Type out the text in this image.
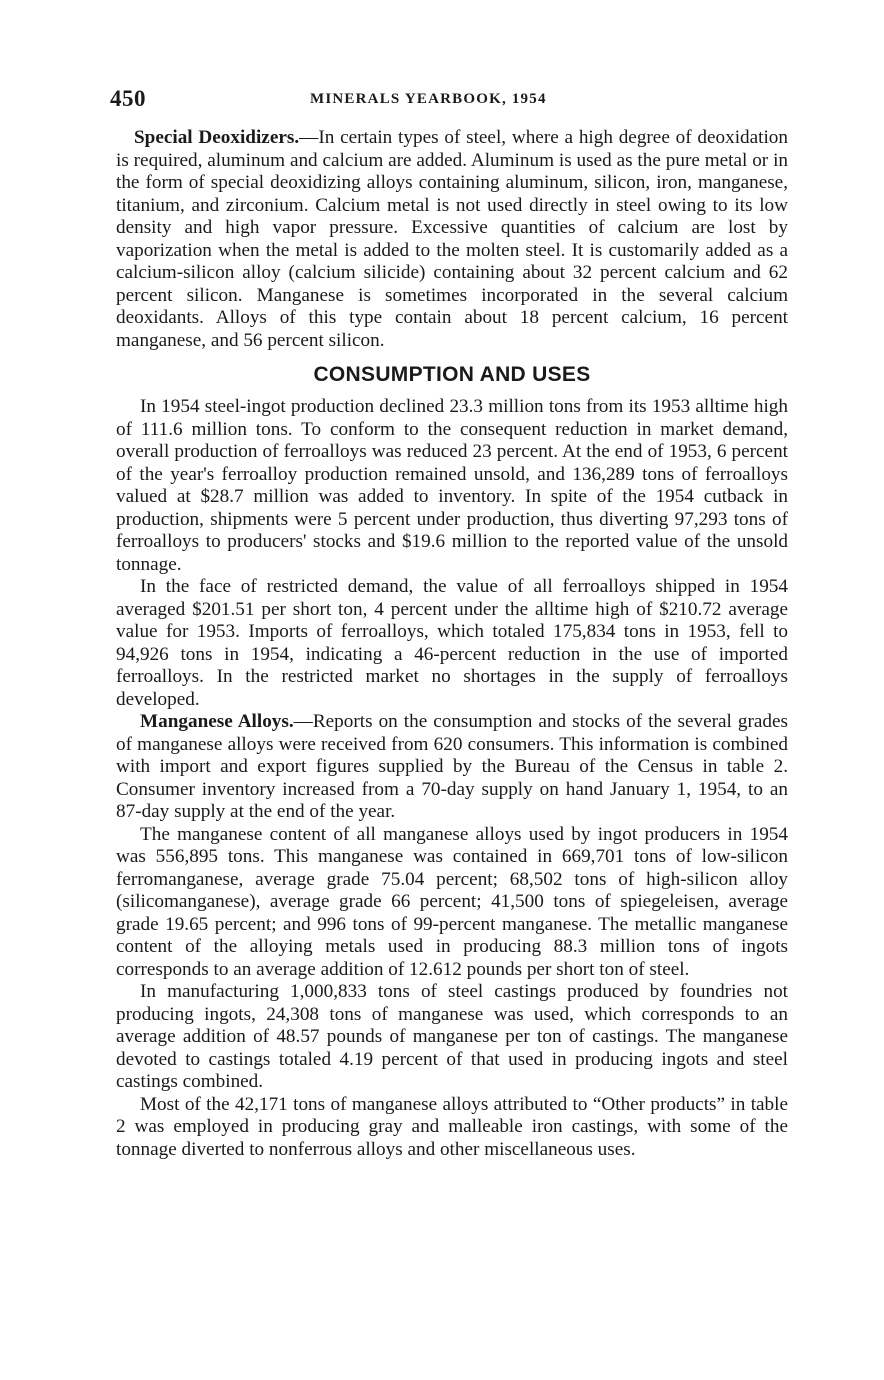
450	MINERALS YEARBOOK, 1954

Special Deoxidizers.—In certain types of steel, where a high degree of deoxidation is required, aluminum and calcium are added. Aluminum is used as the pure metal or in the form of special deoxidizing alloys containing aluminum, silicon, iron, manganese, titanium, and zirconium. Calcium metal is not used directly in steel owing to its low density and high vapor pressure. Excessive quantities of calcium are lost by vaporization when the metal is added to the molten steel. It is customarily added as a calcium-silicon alloy (calcium silicide) containing about 32 percent calcium and 62 percent silicon. Manganese is sometimes incorporated in the several calcium deoxidants. Alloys of this type contain about 18 percent calcium, 16 percent manganese, and 56 percent silicon.

CONSUMPTION AND USES

In 1954 steel-ingot production declined 23.3 million tons from its 1953 alltime high of 111.6 million tons. To conform to the consequent reduction in market demand, overall production of ferroalloys was reduced 23 percent. At the end of 1953, 6 percent of the year's ferroalloy production remained unsold, and 136,289 tons of ferroalloys valued at $28.7 million was added to inventory. In spite of the 1954 cutback in production, shipments were 5 percent under production, thus diverting 97,293 tons of ferroalloys to producers' stocks and $19.6 million to the reported value of the unsold tonnage.

In the face of restricted demand, the value of all ferroalloys shipped in 1954 averaged $201.51 per short ton, 4 percent under the alltime high of $210.72 average value for 1953. Imports of ferroalloys, which totaled 175,834 tons in 1953, fell to 94,926 tons in 1954, indicating a 46-percent reduction in the use of imported ferroalloys. In the restricted market no shortages in the supply of ferroalloys developed.

Manganese Alloys.—Reports on the consumption and stocks of the several grades of manganese alloys were received from 620 consumers. This information is combined with import and export figures supplied by the Bureau of the Census in table 2. Consumer inventory increased from a 70-day supply on hand January 1, 1954, to an 87-day supply at the end of the year.

The manganese content of all manganese alloys used by ingot producers in 1954 was 556,895 tons. This manganese was contained in 669,701 tons of low-silicon ferromanganese, average grade 75.04 percent; 68,502 tons of high-silicon alloy (silicomanganese), average grade 66 percent; 41,500 tons of spiegeleisen, average grade 19.65 percent; and 996 tons of 99-percent manganese. The metallic manganese content of the alloying metals used in producing 88.3 million tons of ingots corresponds to an average addition of 12.612 pounds per short ton of steel.

In manufacturing 1,000,833 tons of steel castings produced by foundries not producing ingots, 24,308 tons of manganese was used, which corresponds to an average addition of 48.57 pounds of manganese per ton of castings. The manganese devoted to castings totaled 4.19 percent of that used in producing ingots and steel castings combined.

Most of the 42,171 tons of manganese alloys attributed to “Other products” in table 2 was employed in producing gray and malleable iron castings, with some of the tonnage diverted to nonferrous alloys and other miscellaneous uses.
